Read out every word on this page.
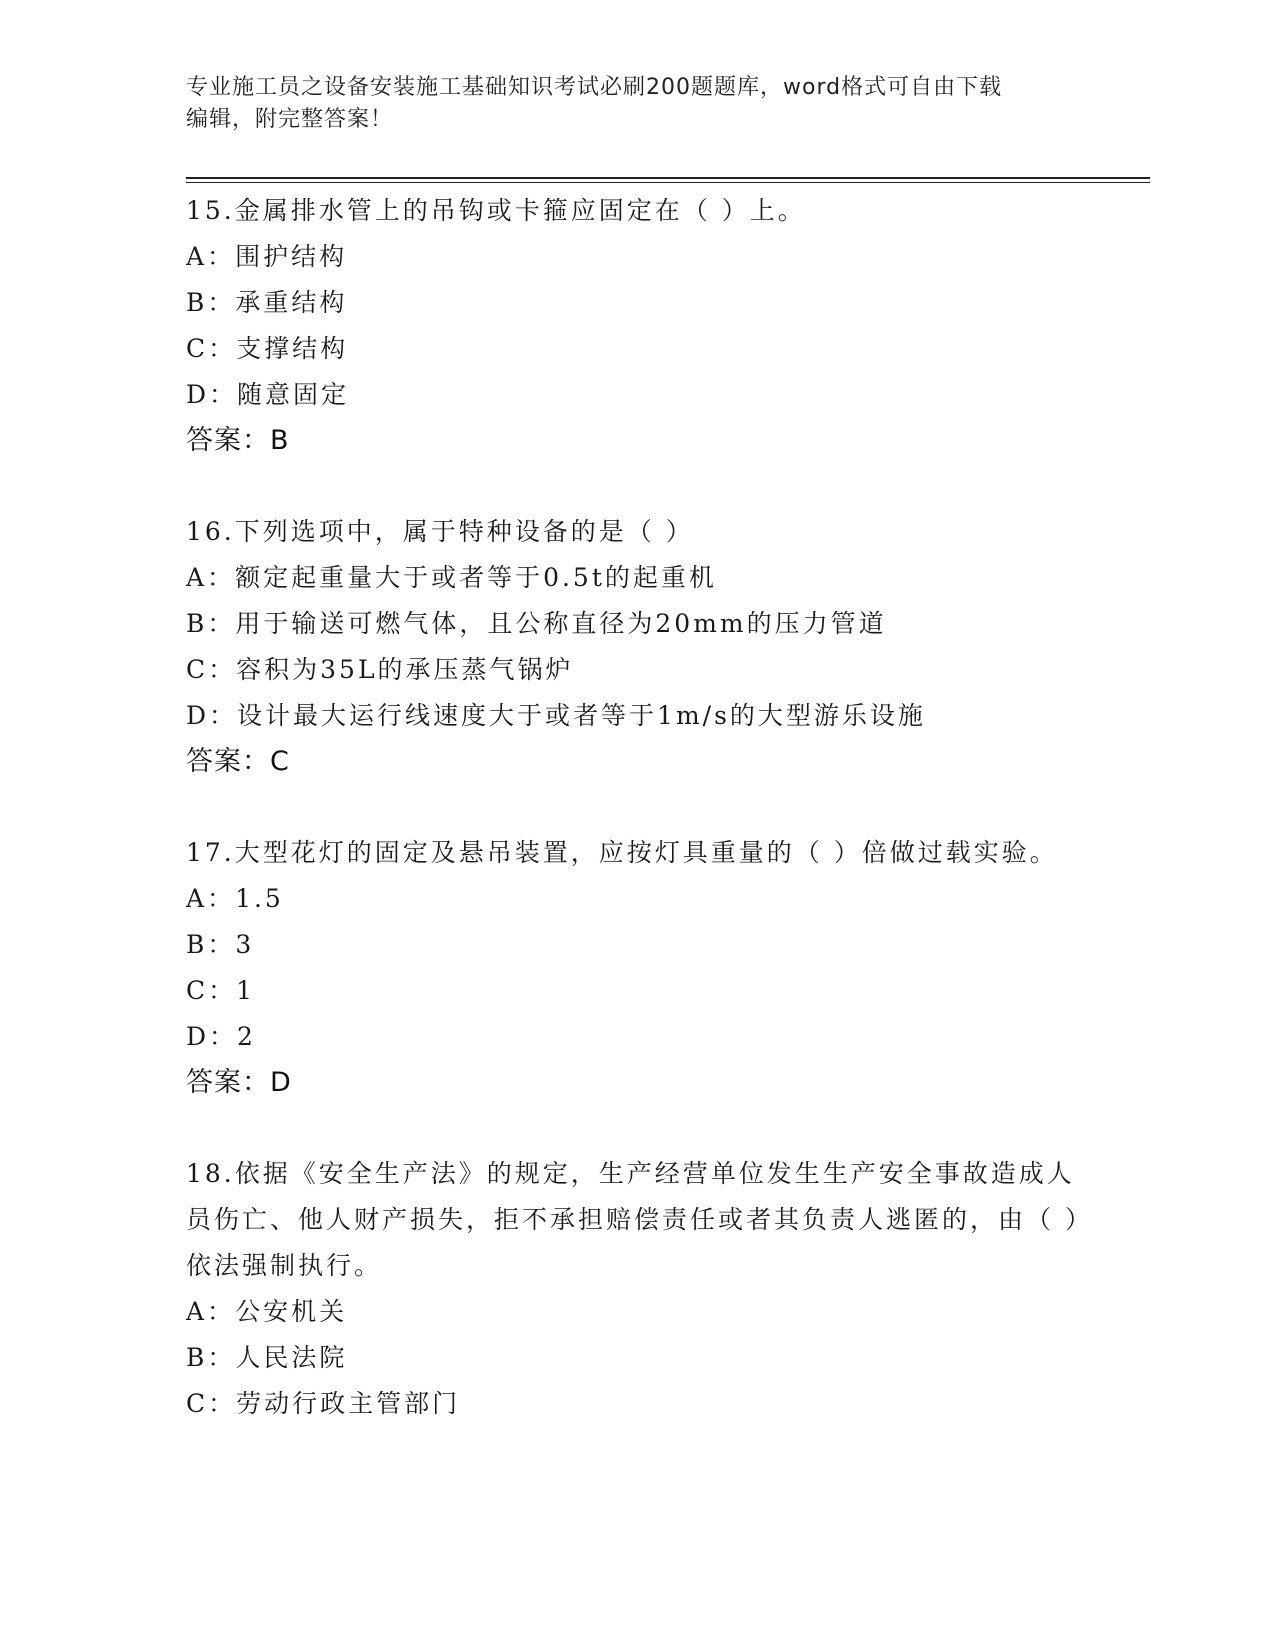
专业施工员之设备安装施工基础知识考试必刷200题题库，word格式可自由下载
编辑，附完整答案！

15.金属排水管上的吊钩或卡箍应固定在（ ）上。

A：围护结构

B：承重结构

C：支撑结构

D：随意固定

答案：B

16.下列选项中，属于特种设备的是（ ）

A：额定起重量大于或者等于0.5t的起重机

B：用于输送可燃气体，且公称直径为20mm的压力管道

C：容积为35L的承压蒸气锅炉

D：设计最大运行线速度大于或者等于1m/s的大型游乐设施

答案：C

17.大型花灯的固定及悬吊装置，应按灯具重量的（ ）倍做过载实验。

A：1.5

B：3

C：1

D：2

答案：D

18.依据《安全生产法》的规定，生产经营单位发生生产安全事故造成人员伤亡、他人财产损失，拒不承担赔偿责任或者其负责人逃匿的，由（ ）依法强制执行。

A：公安机关

B：人民法院

C：劳动行政主管部门
